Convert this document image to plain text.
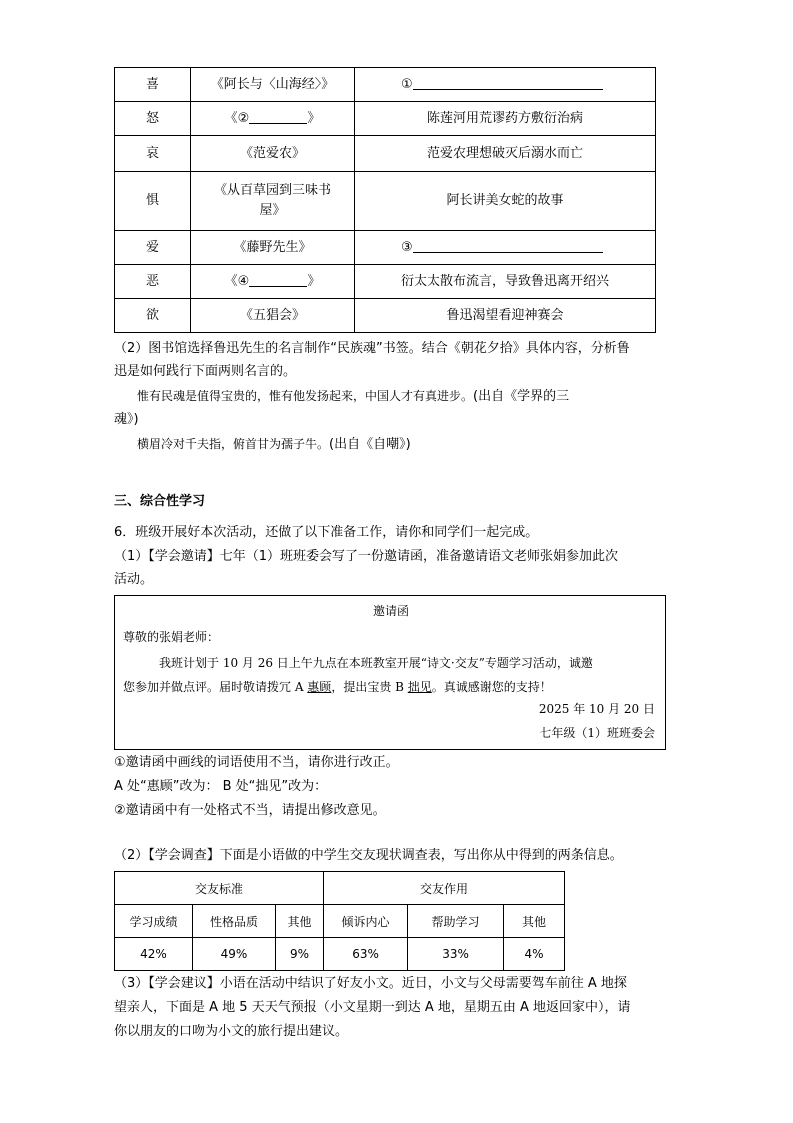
喜	《阿长与〈山海经〉》	①
怒	《② 》	陈莲河用荒谬药方敷衍治病
哀	《范爱农》	范爱农理想破灭后溺水而亡
惧	《从百草园到三味书屋》	阿长讲美女蛇的故事
爱	《藤野先生》	③
恶	《④ 》	衍太太散布流言，导致鲁迅离开绍兴
欲	《五猖会》	鲁迅渴望看迎神赛会
（2）图书馆选择鲁迅先生的名言制作“民族魂”书签。结合《朝花夕拾》具体内容，分析鲁
迅是如何践行下面两则名言的。
惟有民魂是值得宝贵的，惟有他发扬起来，中国人才有真进步。(出自《学界的三
魂》)
横眉冷对千夫指，俯首甘为孺子牛。(出自《自嘲》)
三、综合性学习
6．班级开展好本次活动，还做了以下准备工作，请你和同学们一起完成。
（1）【学会邀请】七年（1）班班委会写了一份邀请函，准备邀请语文老师张娟参加此次
活动。
邀请函
尊敬的张娟老师：
我班计划于 10 月 26 日上午九点在本班教室开展“诗文·交友”专题学习活动，诚邀
您参加并做点评。届时敬请拨冗 A 惠顾，提出宝贵 B 拙见。真诚感谢您的支持！
2025 年 10 月 20 日
七年级（1）班班委会
①邀请函中画线的词语使用不当，请你进行改正。
A 处“惠顾”改为： B 处“拙见”改为：
②邀请函中有一处格式不当，请提出修改意见。
（2）【学会调查】下面是小语做的中学生交友现状调查表，写出你从中得到的两条信息。
交友标准			交友作用		
学习成绩	性格品质	其他	倾诉内心	帮助学习	其他
42%	49%	9%	63%	33%	4%
（3）【学会建议】小语在活动中结识了好友小文。近日，小文与父母需要驾车前往 A 地探
望亲人，下面是 A 地 5 天天气预报（小文星期一到达 A 地，星期五由 A 地返回家中），请
你以朋友的口吻为小文的旅行提出建议。
